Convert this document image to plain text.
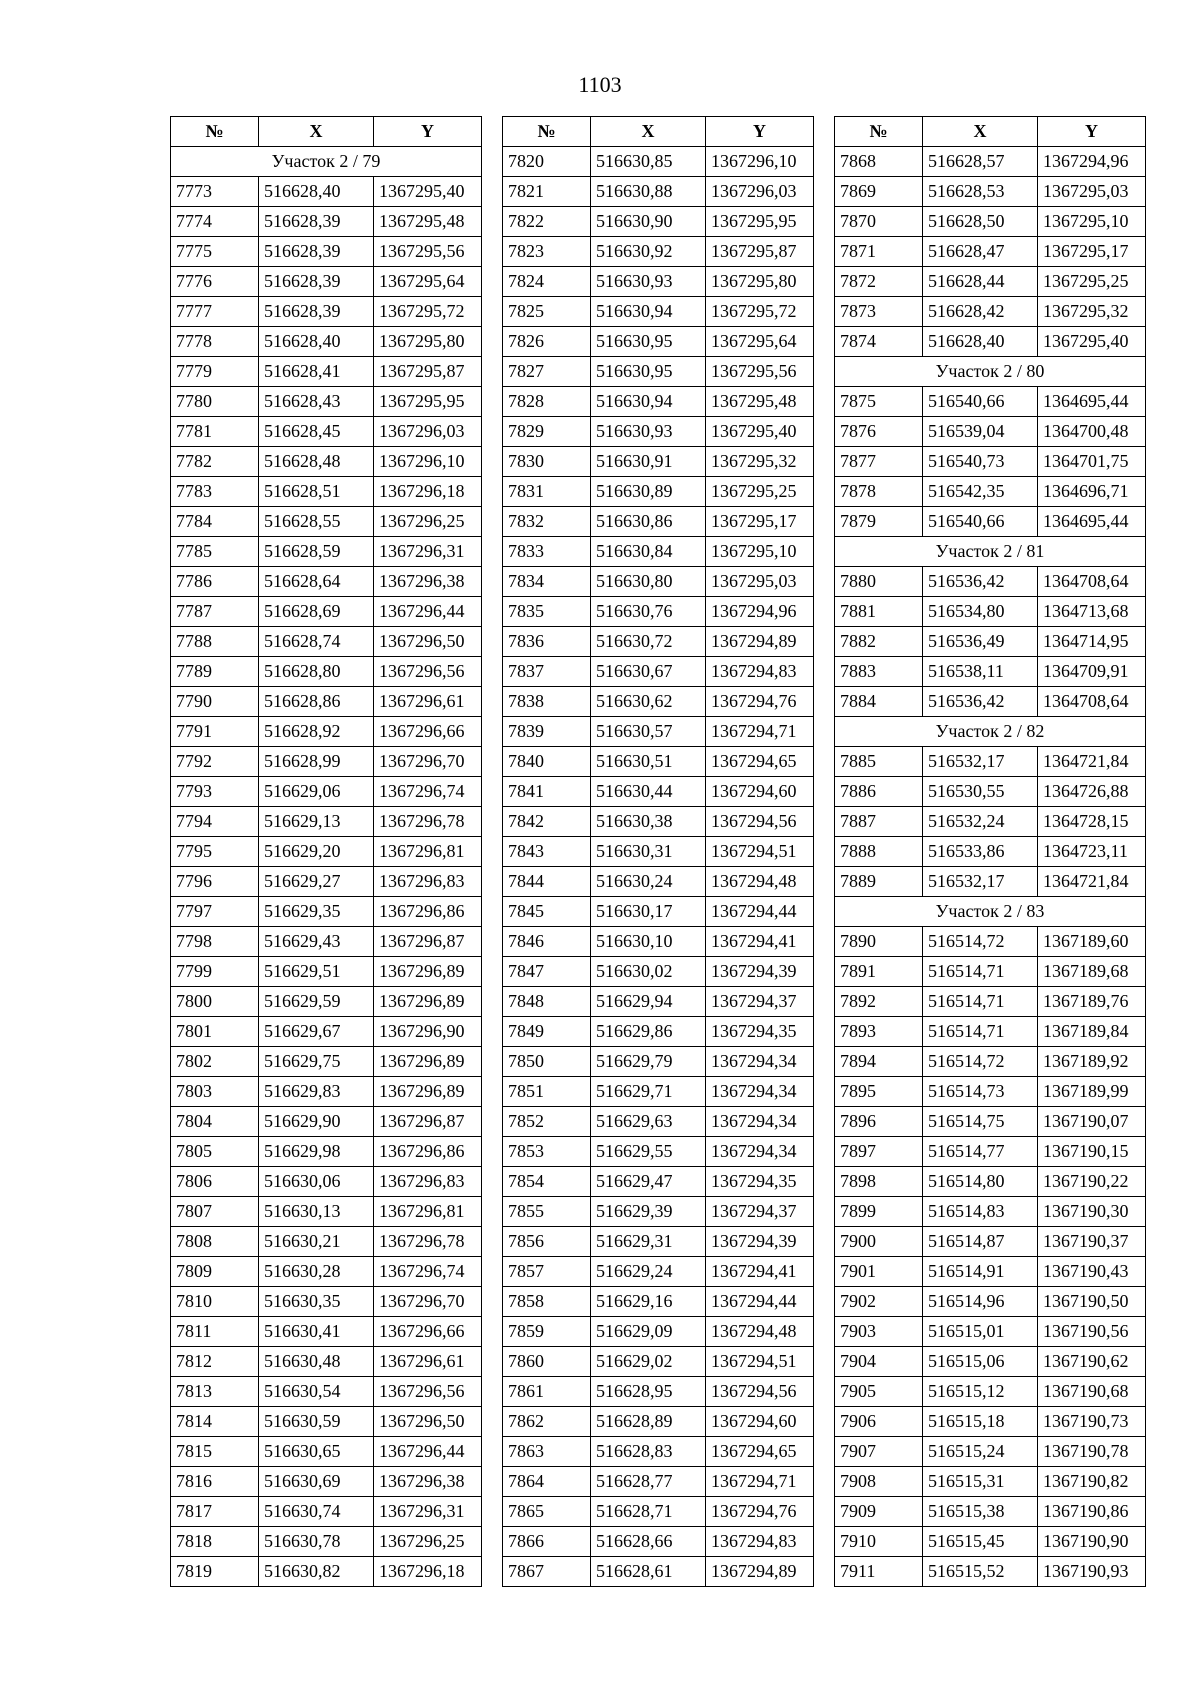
1103
№	X	Y
Участок 2 / 79		
7773	516628,40	1367295,40
7774	516628,39	1367295,48
7775	516628,39	1367295,56
7776	516628,39	1367295,64
7777	516628,39	1367295,72
7778	516628,40	1367295,80
7779	516628,41	1367295,87
7780	516628,43	1367295,95
7781	516628,45	1367296,03
7782	516628,48	1367296,10
7783	516628,51	1367296,18
7784	516628,55	1367296,25
7785	516628,59	1367296,31
7786	516628,64	1367296,38
7787	516628,69	1367296,44
7788	516628,74	1367296,50
7789	516628,80	1367296,56
7790	516628,86	1367296,61
7791	516628,92	1367296,66
7792	516628,99	1367296,70
7793	516629,06	1367296,74
7794	516629,13	1367296,78
7795	516629,20	1367296,81
7796	516629,27	1367296,83
7797	516629,35	1367296,86
7798	516629,43	1367296,87
7799	516629,51	1367296,89
7800	516629,59	1367296,89
7801	516629,67	1367296,90
7802	516629,75	1367296,89
7803	516629,83	1367296,89
7804	516629,90	1367296,87
7805	516629,98	1367296,86
7806	516630,06	1367296,83
7807	516630,13	1367296,81
7808	516630,21	1367296,78
7809	516630,28	1367296,74
7810	516630,35	1367296,70
7811	516630,41	1367296,66
7812	516630,48	1367296,61
7813	516630,54	1367296,56
7814	516630,59	1367296,50
7815	516630,65	1367296,44
7816	516630,69	1367296,38
7817	516630,74	1367296,31
7818	516630,78	1367296,25
7819	516630,82	1367296,18
№	X	Y
7820	516630,85	1367296,10
7821	516630,88	1367296,03
7822	516630,90	1367295,95
7823	516630,92	1367295,87
7824	516630,93	1367295,80
7825	516630,94	1367295,72
7826	516630,95	1367295,64
7827	516630,95	1367295,56
7828	516630,94	1367295,48
7829	516630,93	1367295,40
7830	516630,91	1367295,32
7831	516630,89	1367295,25
7832	516630,86	1367295,17
7833	516630,84	1367295,10
7834	516630,80	1367295,03
7835	516630,76	1367294,96
7836	516630,72	1367294,89
7837	516630,67	1367294,83
7838	516630,62	1367294,76
7839	516630,57	1367294,71
7840	516630,51	1367294,65
7841	516630,44	1367294,60
7842	516630,38	1367294,56
7843	516630,31	1367294,51
7844	516630,24	1367294,48
7845	516630,17	1367294,44
7846	516630,10	1367294,41
7847	516630,02	1367294,39
7848	516629,94	1367294,37
7849	516629,86	1367294,35
7850	516629,79	1367294,34
7851	516629,71	1367294,34
7852	516629,63	1367294,34
7853	516629,55	1367294,34
7854	516629,47	1367294,35
7855	516629,39	1367294,37
7856	516629,31	1367294,39
7857	516629,24	1367294,41
7858	516629,16	1367294,44
7859	516629,09	1367294,48
7860	516629,02	1367294,51
7861	516628,95	1367294,56
7862	516628,89	1367294,60
7863	516628,83	1367294,65
7864	516628,77	1367294,71
7865	516628,71	1367294,76
7866	516628,66	1367294,83
7867	516628,61	1367294,89
№	X	Y
7868	516628,57	1367294,96
7869	516628,53	1367295,03
7870	516628,50	1367295,10
7871	516628,47	1367295,17
7872	516628,44	1367295,25
7873	516628,42	1367295,32
7874	516628,40	1367295,40
Участок 2 / 80		
7875	516540,66	1364695,44
7876	516539,04	1364700,48
7877	516540,73	1364701,75
7878	516542,35	1364696,71
7879	516540,66	1364695,44
Участок 2 / 81		
7880	516536,42	1364708,64
7881	516534,80	1364713,68
7882	516536,49	1364714,95
7883	516538,11	1364709,91
7884	516536,42	1364708,64
Участок 2 / 82		
7885	516532,17	1364721,84
7886	516530,55	1364726,88
7887	516532,24	1364728,15
7888	516533,86	1364723,11
7889	516532,17	1364721,84
Участок 2 / 83		
7890	516514,72	1367189,60
7891	516514,71	1367189,68
7892	516514,71	1367189,76
7893	516514,71	1367189,84
7894	516514,72	1367189,92
7895	516514,73	1367189,99
7896	516514,75	1367190,07
7897	516514,77	1367190,15
7898	516514,80	1367190,22
7899	516514,83	1367190,30
7900	516514,87	1367190,37
7901	516514,91	1367190,43
7902	516514,96	1367190,50
7903	516515,01	1367190,56
7904	516515,06	1367190,62
7905	516515,12	1367190,68
7906	516515,18	1367190,73
7907	516515,24	1367190,78
7908	516515,31	1367190,82
7909	516515,38	1367190,86
7910	516515,45	1367190,90
7911	516515,52	1367190,93
